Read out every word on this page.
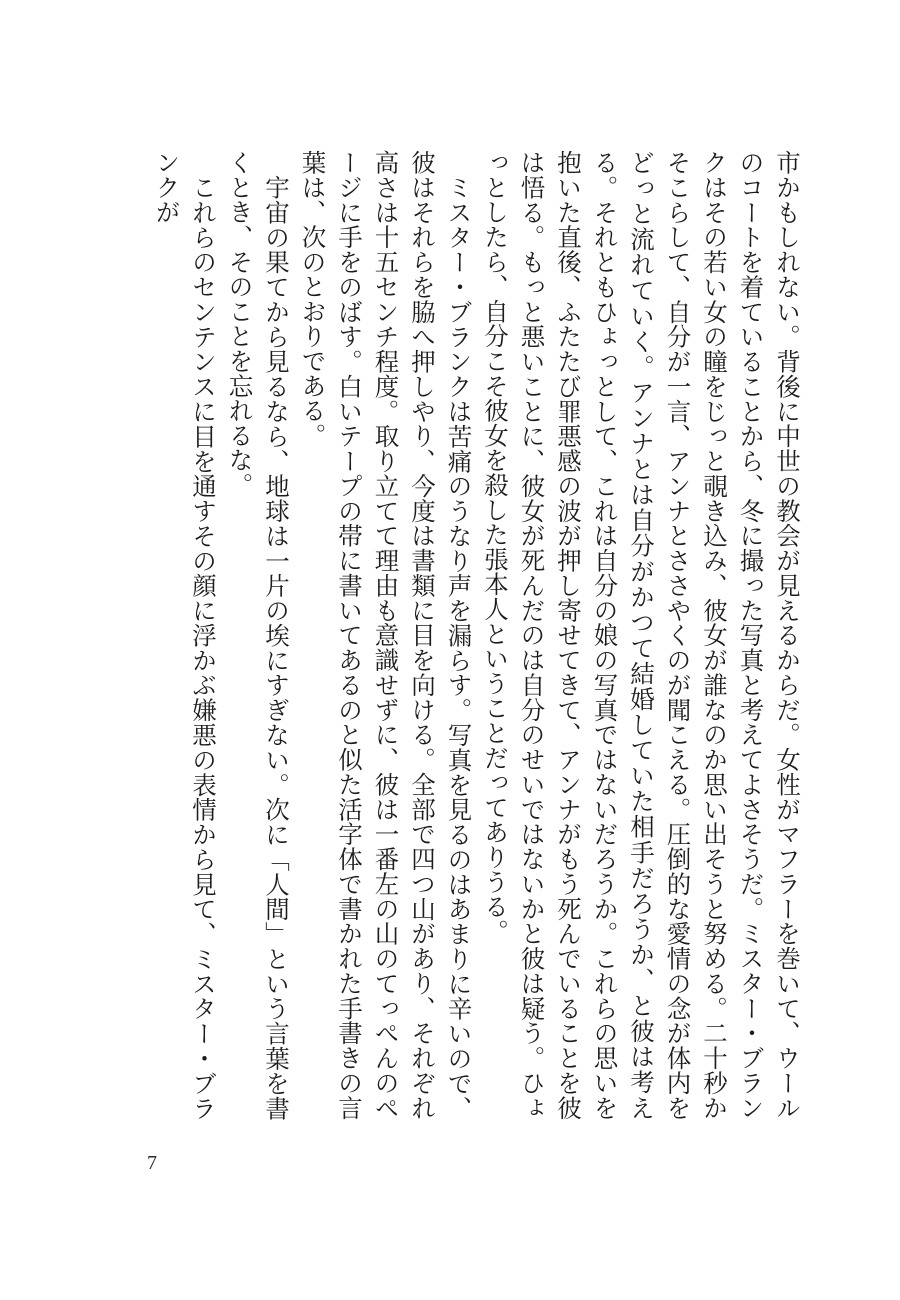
市かもしれない。背後に中世の教会が見えるからだ。女性がマフラーを巻いて、ウールのコートを着ていることから、冬に撮った写真と考えてよさそうだ。ミスター・ブランクはその若い女の瞳をじっと覗き込み、彼女が誰なのか思い出そうと努める。二十秒かそこらして、自分が一言、アンナとささやくのが聞こえる。圧倒的な愛情の念が体内をどっと流れていく。アンナとは自分がかつて結婚していた相手だろうか、と彼は考える。それともひょっとして、これは自分の娘の写真ではないだろうか。これらの思いを抱いた直後、ふたたび罪悪感の波が押し寄せてきて、アンナがもう死んでいることを彼は悟る。もっと悪いことに、彼女が死んだのは自分のせいではないかと彼は疑う。ひょっとしたら、自分こそ彼女を殺した張本人ということだってありうる。

ミスター・ブランクは苦痛のうなり声を漏らす。写真を見るのはあまりに辛いので、彼はそれらを脇へ押しやり、今度は書類に目を向ける。全部で四つ山があり、それぞれ高さは十五センチ程度。取り立てて理由も意識せずに、彼は一番左の山のてっぺんのページに手をのばす。白いテープの帯に書いてあるのと似た活字体で書かれた手書きの言葉は、次のとおりである。

宇宙の果てから見るなら、地球は一片の埃にすぎない。次に「人間」という言葉を書くとき、そのことを忘れるな。

これらのセンテンスに目を通すその顔に浮かぶ嫌悪の表情から見て、ミスター・ブランクが

7
